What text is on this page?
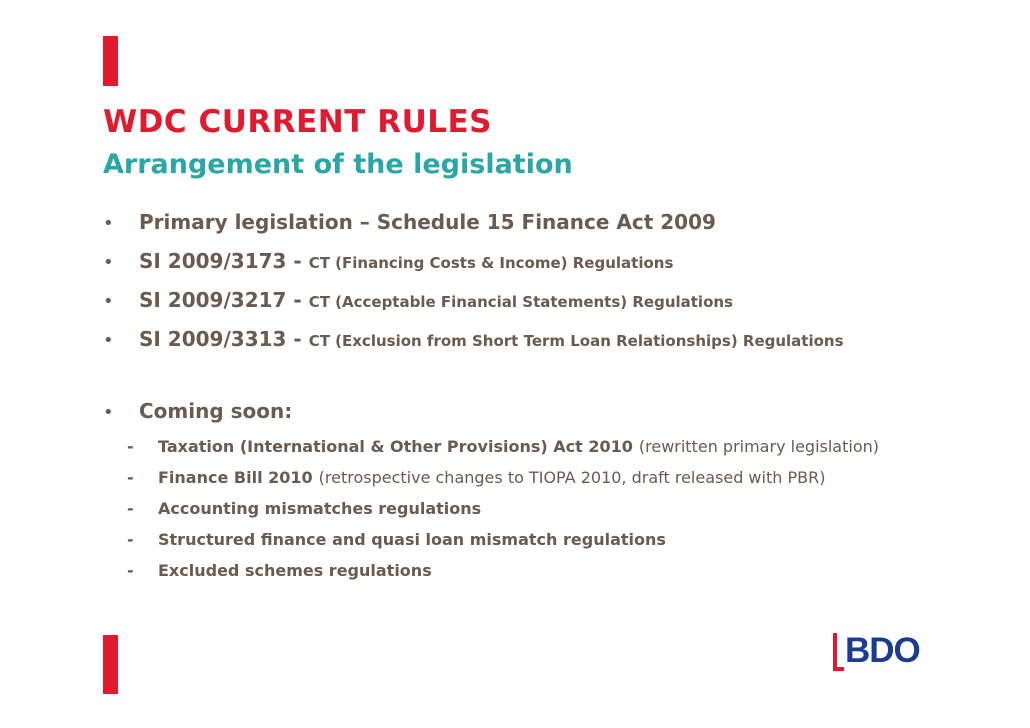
WDC CURRENT RULES
Arrangement of the legislation
•	Primary legislation – Schedule 15 Finance Act 2009
•	SI 2009/3173 - CT (Financing Costs & Income) Regulations
•	SI 2009/3217 - CT (Acceptable Financial Statements) Regulations
•	SI 2009/3313 - CT (Exclusion from Short Term Loan Relationships) Regulations
•	Coming soon:
-	Taxation (International & Other Provisions) Act 2010 (rewritten primary legislation)
-	Finance Bill 2010 (retrospective changes to TIOPA 2010, draft released with PBR)
-	Accounting mismatches regulations
-	Structured finance and quasi loan mismatch regulations
-	Excluded schemes regulations
BDO
